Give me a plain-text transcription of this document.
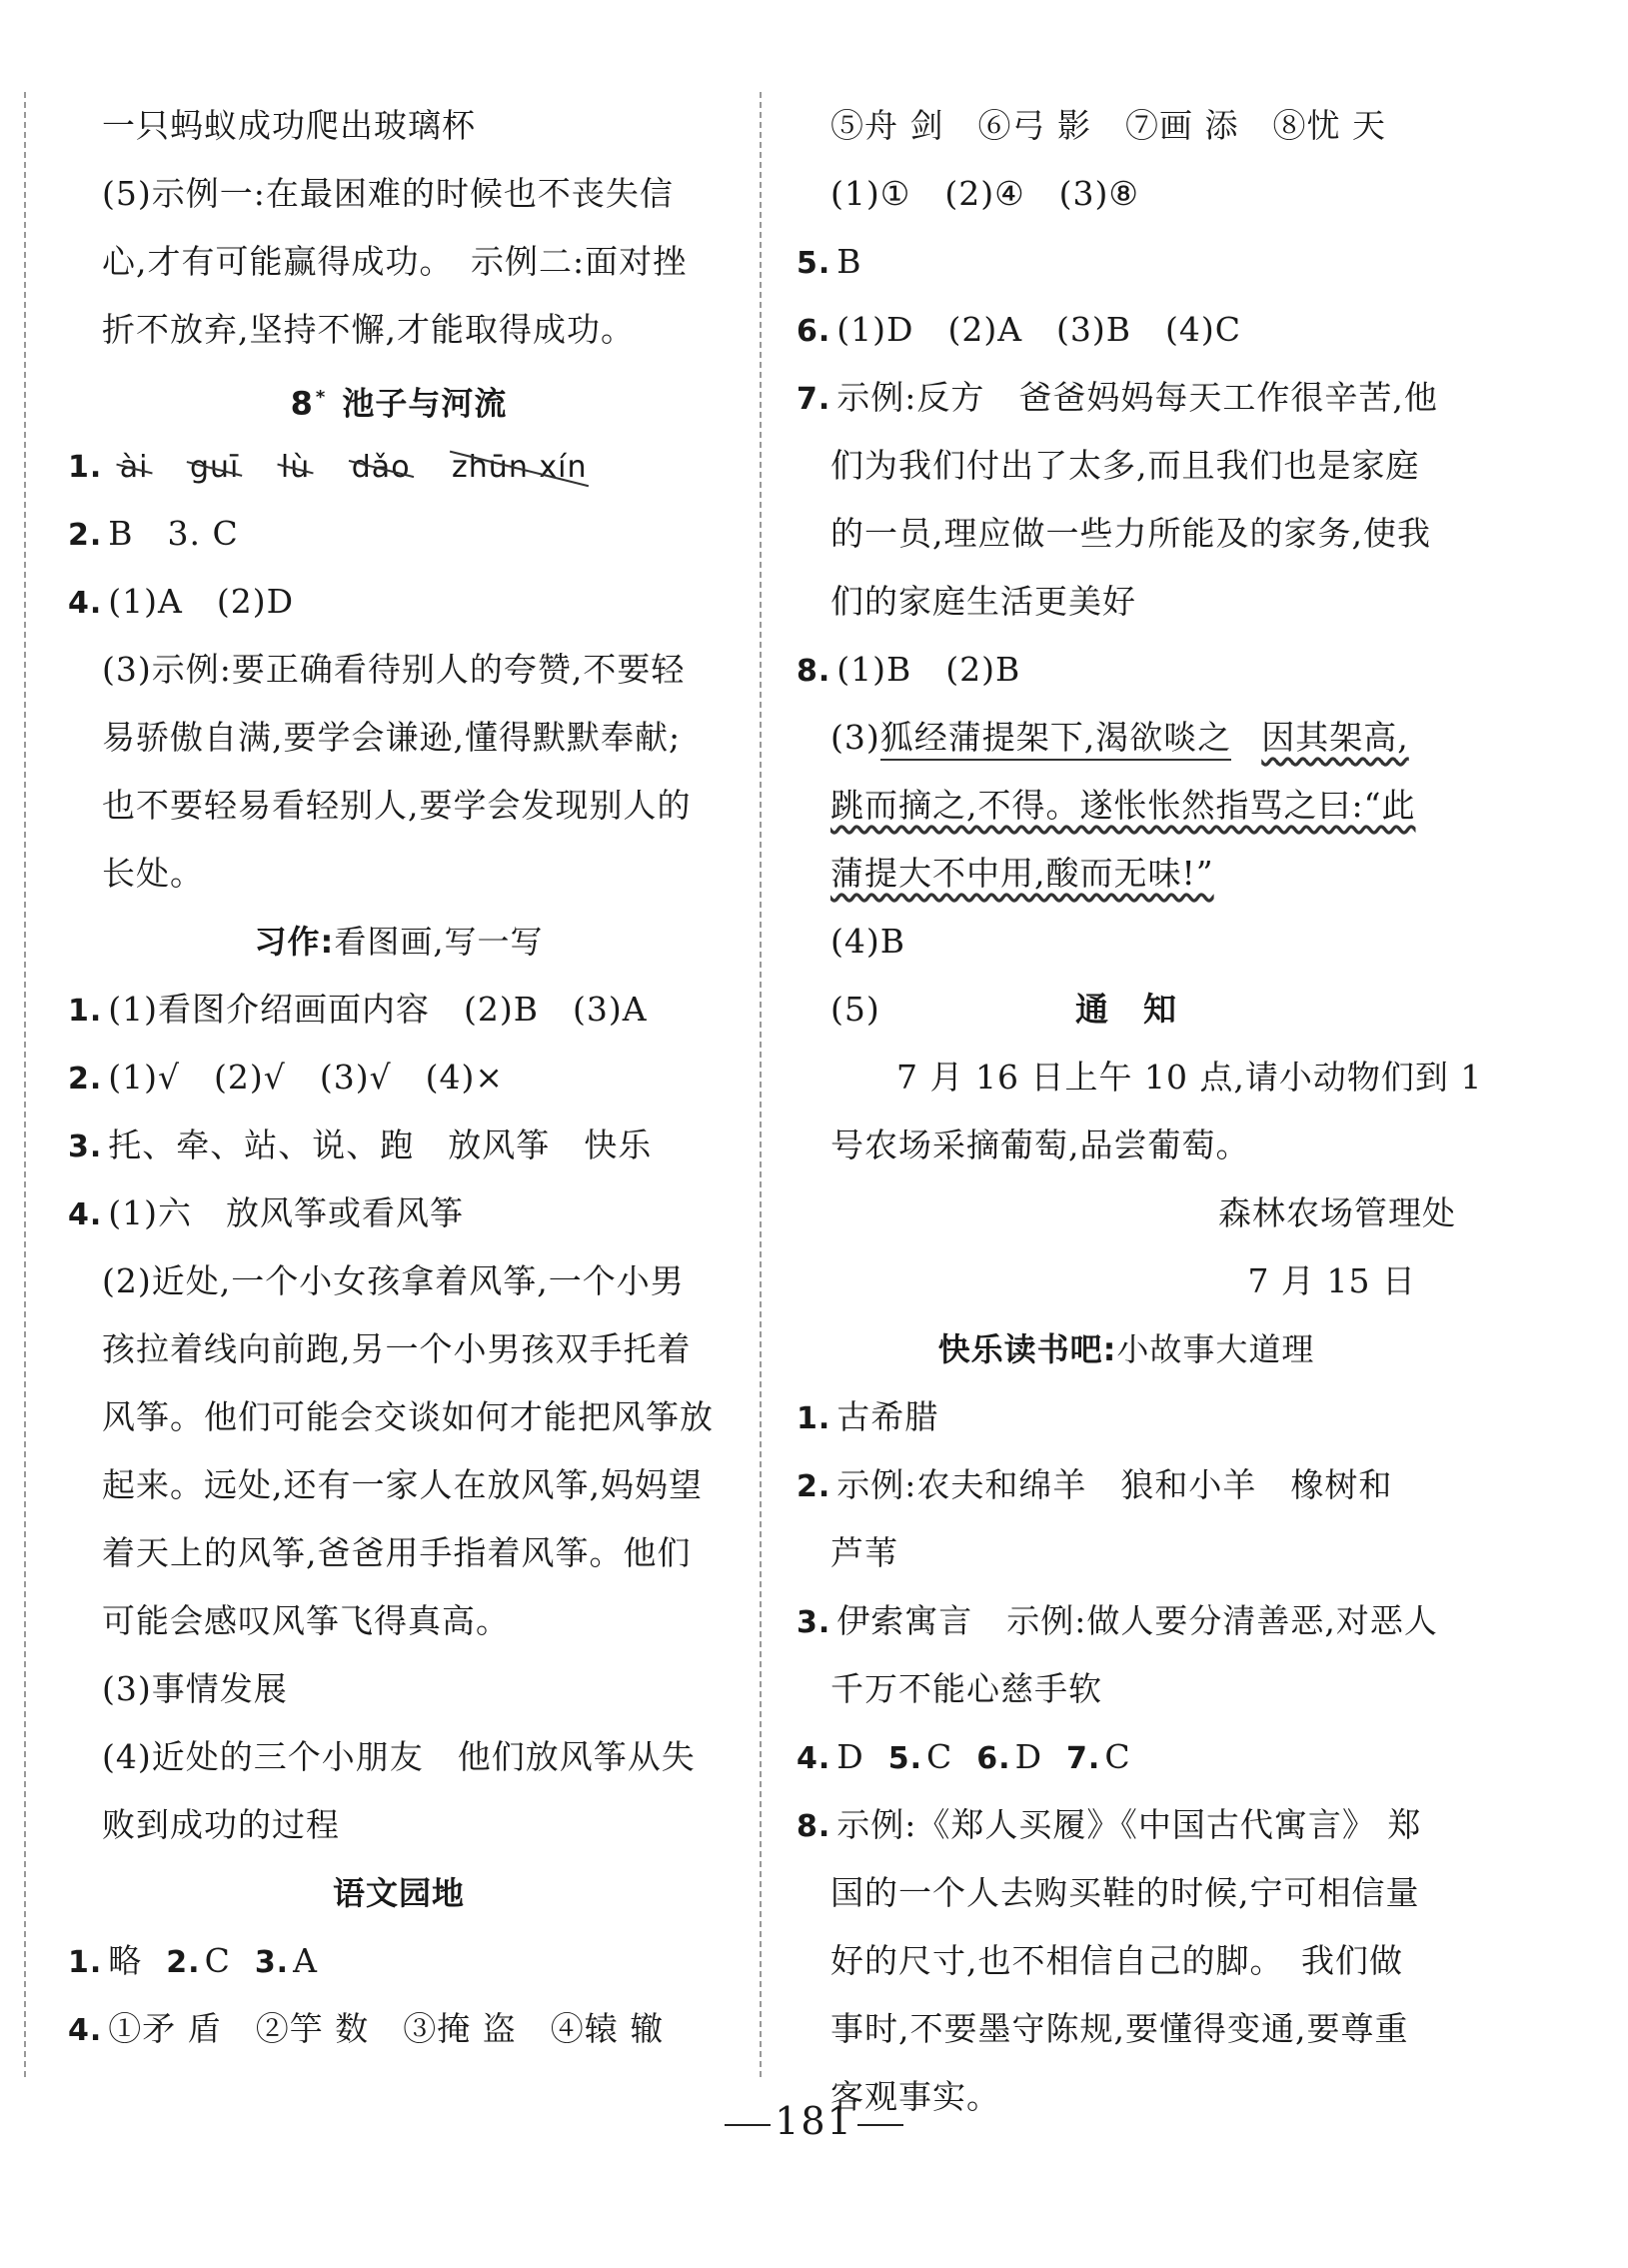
一只蚂蚁成功爬出玻璃杯
(5)示例一:在最困难的时候也不丧失信
心,才有可能赢得成功。　示例二:面对挫
折不放弃,坚持不懈,才能取得成功。
8 * 池子与河流
1. ài guī lù dǎo zhūn xín
2. B　3. C
4. (1)A　(2)D
(3)示例:要正确看待别人的夸赞,不要轻
易骄傲自满,要学会谦逊,懂得默默奉献;
也不要轻易看轻别人,要学会发现别人的
长处。
习作:看图画,写一写
1. (1)看图介绍画面内容　(2)B　(3)A
2. (1)√　(2)√　(3)√　(4)×
3. 托、牵、站、说、跑　放风筝　快乐
4. (1)六　放风筝或看风筝
(2)近处,一个小女孩拿着风筝,一个小男
孩拉着线向前跑,另一个小男孩双手托着
风筝。他们可能会交谈如何才能把风筝放
起来。远处,还有一家人在放风筝,妈妈望
着天上的风筝,爸爸用手指着风筝。他们
可能会感叹风筝飞得真高。
(3)事情发展
(4)近处的三个小朋友　他们放风筝从失
败到成功的过程
语文园地
1. 略 2. C 3. A
4. ①矛 盾　②竽 数　③掩 盗　④辕 辙
⑤舟 剑　⑥弓 影　⑦画 添　⑧忧 天
(1)①　(2)④　(3)⑧
5. B
6. (1)D　(2)A　(3)B　(4)C
7. 示例:反方　爸爸妈妈每天工作很辛苦,他
们为我们付出了太多,而且我们也是家庭
的一员,理应做一些力所能及的家务,使我
们的家庭生活更美好
8. (1)B　(2)B
(3)狐经蒲提架下,渴欲啖之 因其架高,
跳而摘之,不得。遂怅怅然指骂之曰:“此
蒲提大不中用,酸而无味!”
(4)B
(5)	通　知
7 月 16 日上午 10 点,请小动物们到 1
号农场采摘葡萄,品尝葡萄。
森林农场管理处
7 月 15 日
快乐读书吧:小故事大道理
1. 古希腊
2. 示例:农夫和绵羊　狼和小羊　橡树和
芦苇
3. 伊索寓言　示例:做人要分清善恶,对恶人
千万不能心慈手软
4. D 5. C 6. D 7. C
8. 示例:《郑人买履》《中国古代寓言》 郑
国的一个人去购买鞋的时候,宁可相信量
好的尺寸,也不相信自己的脚。　我们做
事时,不要墨守陈规,要懂得变通,要尊重
客观事实。
181
